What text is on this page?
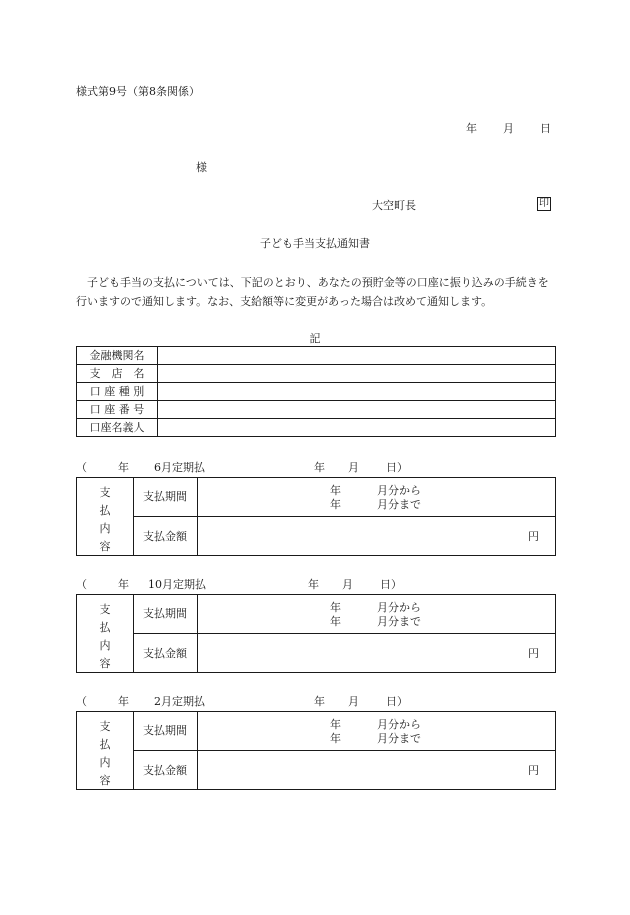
様式第9号（第8条関係）
年 月 日
様
大空町長	印
子ども手当支払通知書
子ども手当の支払については、下記のとおり、あなたの預貯金等の口座に振り込みの手続きを行いますので通知します。なお、支給額等に変更があった場合は改めて通知します。
記
金融機関名	
支　店　名	
口 座 種 別	
口 座 番 号	
口座名義人	
（	年 6月定期払	年 月 日）
支
払
内
容
支払期間	年	月分から
年	月分まで
支払金額	円
（	年 10月定期払	年 月 日）
支
払
内
容
支払期間	年	月分から
年	月分まで
支払金額	円
（	年 2月定期払	年 月 日）
支
払
内
容
支払期間	年	月分から
年	月分まで
支払金額	円
